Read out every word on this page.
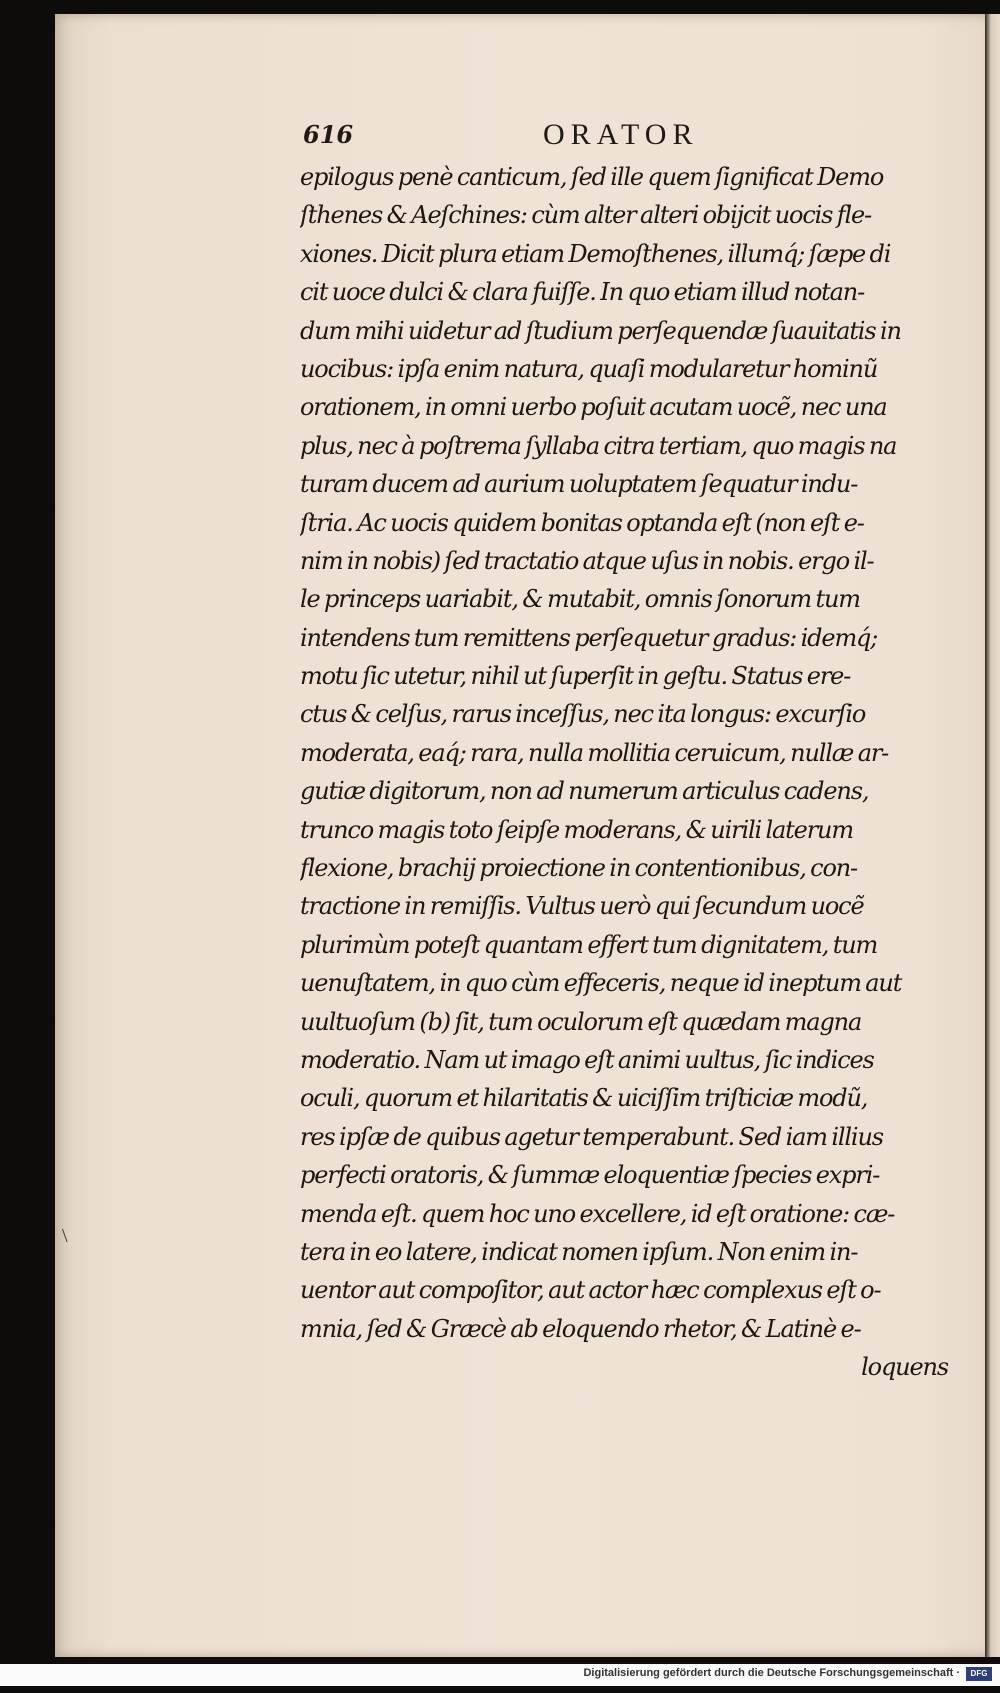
\
616	ORATOR
epilogus penè canticum, ſed ille quem ſignificat Demo
ſthenes & Aeſchines: cùm alter alteri obijcit uocis fle-
xiones. Dicit plura etiam Demoſthenes, illumq́; ſæpe di
cit uoce dulci & clara fuiſſe. In quo etiam illud notan-
dum mihi uidetur ad ſtudium perſequendæ ſuauitatis in
uocibus: ipſa enim natura, quaſi modularetur hominũ
orationem, in omni uerbo poſuit acutam uocẽ, nec una
plus, nec à poſtrema ſyllaba citra tertiam, quo magis na
turam ducem ad aurium uoluptatem ſequatur indu-
ſtria. Ac uocis quidem bonitas optanda eſt (non eſt e-
nim in nobis) ſed tractatio atque uſus in nobis. ergo il-
le princeps uariabit, & mutabit, omnis ſonorum tum
intendens tum remittens perſequetur gradus: idemq́;
motu ſic utetur, nihil ut ſuperſit in geſtu. Status ere-
ctus & celſus, rarus inceſſus, nec ita longus: excurſio
moderata, eaq́; rara, nulla mollitia ceruicum, nullæ ar-
gutiæ digitorum, non ad numerum articulus cadens,
trunco magis toto ſeipſe moderans, & uirili laterum
flexione, brachij proiectione in contentionibus, con-
tractione in remiſſis. Vultus uerò qui ſecundum uocẽ
plurimùm poteſt quantam effert tum dignitatem, tum
uenuſtatem, in quo cùm effeceris, neque id ineptum aut
uultuoſum (b) ſit, tum oculorum eſt quædam magna
moderatio. Nam ut imago eſt animi uultus, ſic indices
oculi, quorum et hilaritatis & uiciſſim triſticiæ modũ,
res ipſæ de quibus agetur temperabunt. Sed iam illius
perfecti oratoris, & ſummæ eloquentiæ ſpecies expri-
menda eſt. quem hoc uno excellere, id eſt oratione: cæ-
tera in eo latere, indicat nomen ipſum. Non enim in-
uentor aut compoſitor, aut actor hæc complexus eſt o-
mnia, ſed & Græcè ab eloquendo rhetor, & Latinè e-
loquens
Digitalisierung gefördert durch die Deutsche Forschungsgemeinschaft ·	DFG
